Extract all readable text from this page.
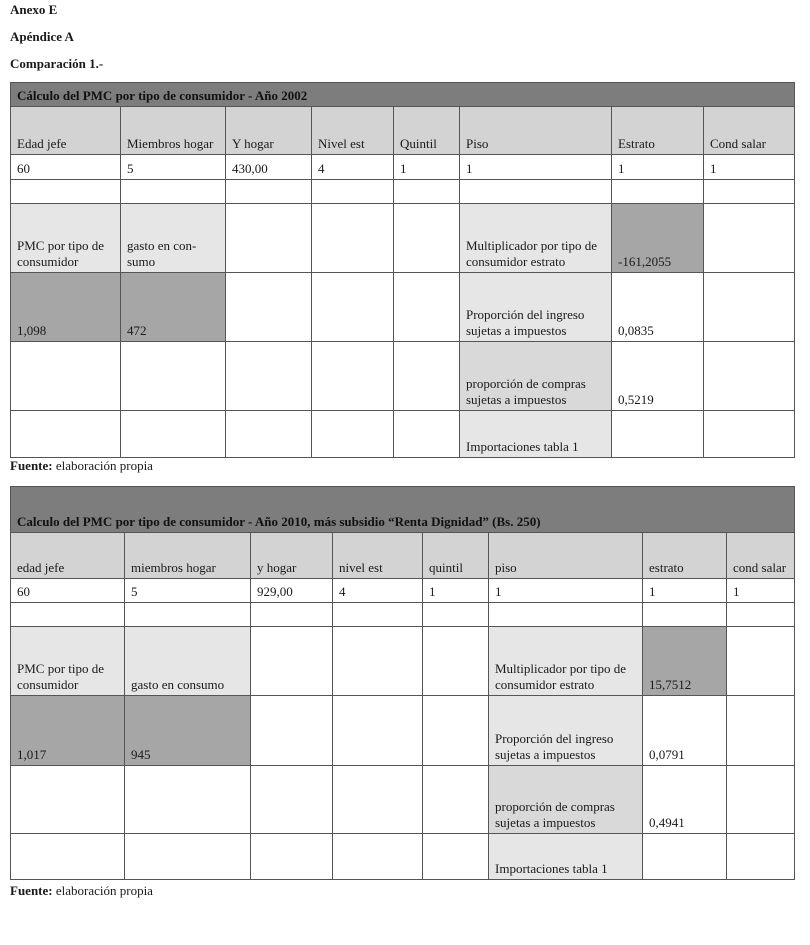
Anexo E
Apéndice A
Comparación 1.-
Cálculo del PMC por tipo de consumidor - Año 2002							
Edad jefe	Miembros hogar	Y hogar	Nivel est	Quintil	Piso	Estrato	Cond salar
60	5	430,00	4	1	1	1	1

PMC por tipo de consumidor	gasto en con-sumo				Multiplicador por tipo de consumidor estrato	-161,2055	
1,098	472				Proporción del ingreso sujetas a impuestos	0,0835	
					proporción de compras sujetas a impuestos	0,5219	
					Importaciones tabla 1		
Fuente: elaboración propia
Calculo del PMC por tipo de consumidor - Año 2010, más subsidio “Renta Dignidad” (Bs. 250)							
edad jefe	miembros hogar	y hogar	nivel est	quintil	piso	estrato	cond salar
60	5	929,00	4	1	1	1	1

PMC por tipo de consumidor	gasto en consumo				Multiplicador por tipo de consumidor estrato	15,7512	
1,017	945				Proporción del ingreso sujetas a impuestos	0,0791	
					proporción de compras sujetas a impuestos	0,4941	
					Importaciones tabla 1		
Fuente: elaboración propia
